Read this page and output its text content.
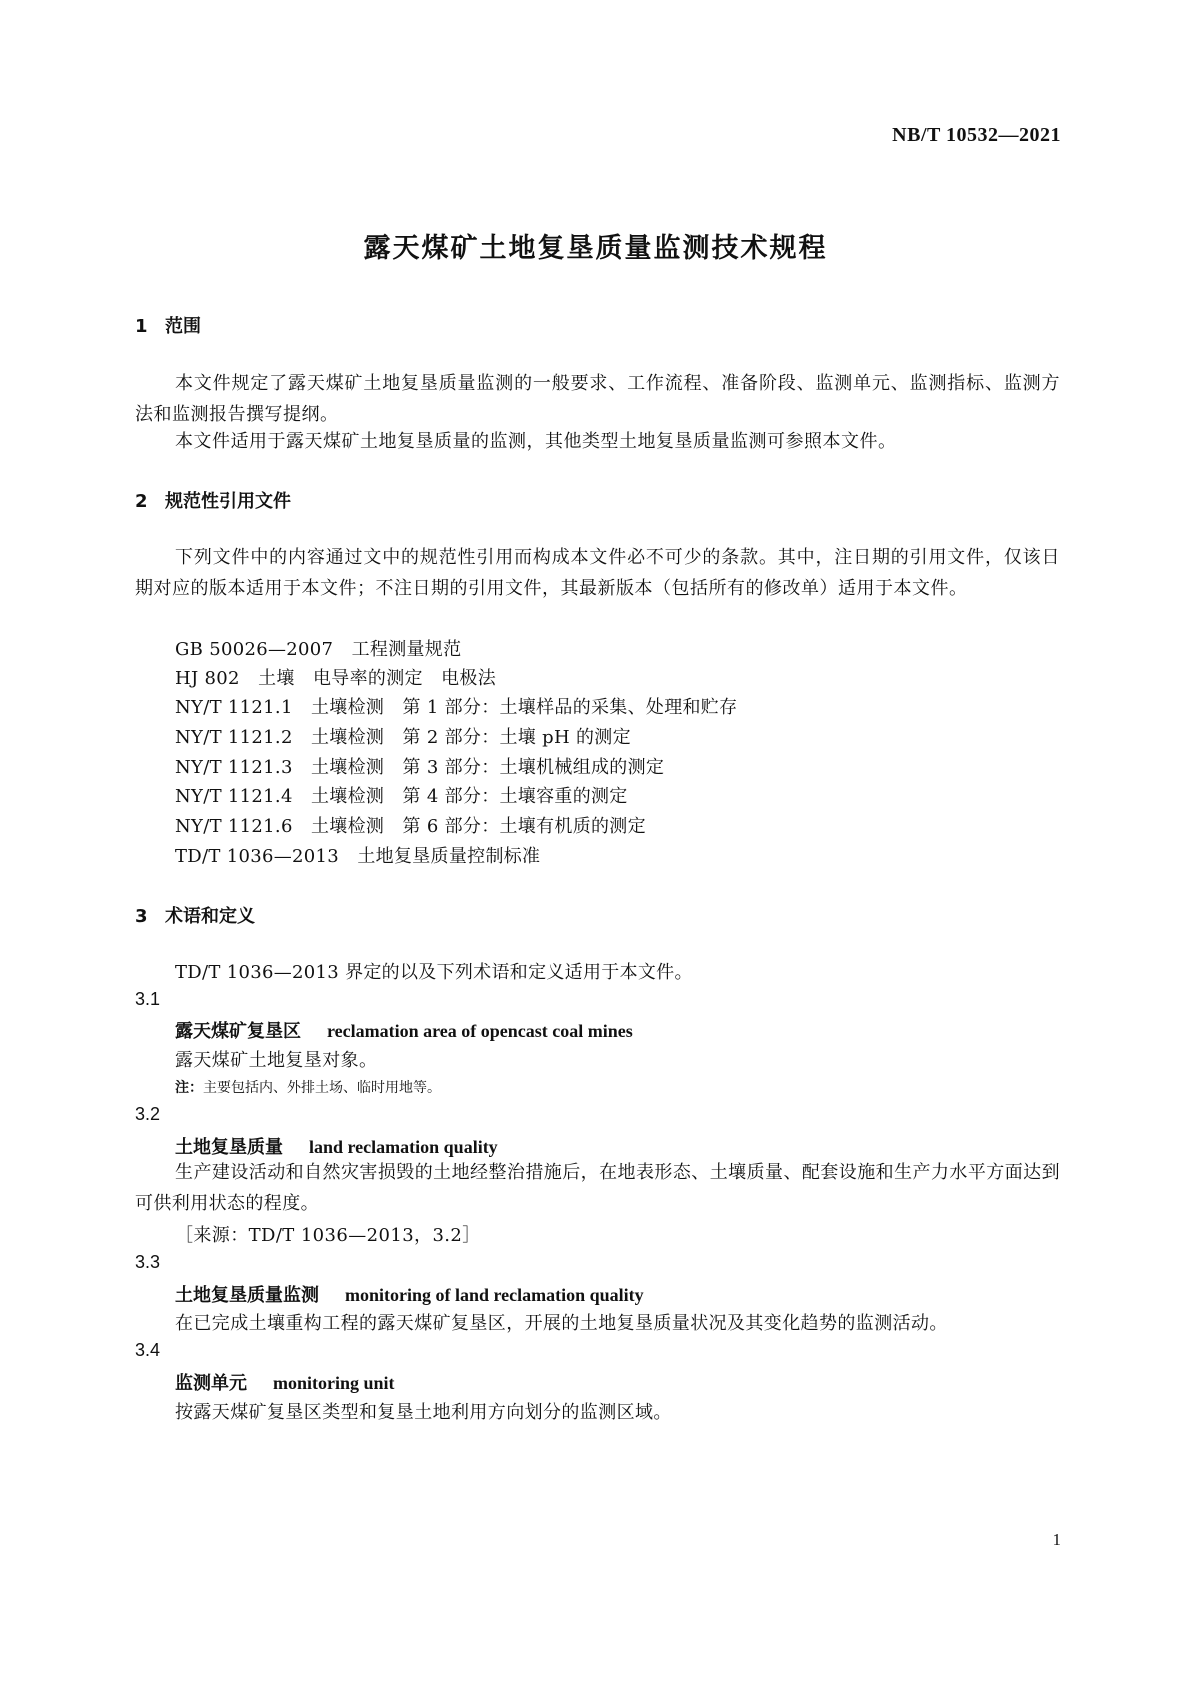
NB/T 10532—2021
露天煤矿土地复垦质量监测技术规程
1 范围
本文件规定了露天煤矿土地复垦质量监测的一般要求、工作流程、准备阶段、监测单元、监测指标、监测方法和监测报告撰写提纲。
本文件适用于露天煤矿土地复垦质量的监测，其他类型土地复垦质量监测可参照本文件。
2 规范性引用文件
下列文件中的内容通过文中的规范性引用而构成本文件必不可少的条款。其中，注日期的引用文件，仅该日期对应的版本适用于本文件；不注日期的引用文件，其最新版本（包括所有的修改单）适用于本文件。
GB 50026—2007　工程测量规范
HJ 802　土壤　电导率的测定　电极法
NY/T 1121.1　土壤检测　第 1 部分：土壤样品的采集、处理和贮存
NY/T 1121.2　土壤检测　第 2 部分：土壤 pH 的测定
NY/T 1121.3　土壤检测　第 3 部分：土壤机械组成的测定
NY/T 1121.4　土壤检测　第 4 部分：土壤容重的测定
NY/T 1121.6　土壤检测　第 6 部分：土壤有机质的测定
TD/T 1036—2013　土地复垦质量控制标准
3 术语和定义
TD/T 1036—2013 界定的以及下列术语和定义适用于本文件。
3.1
露天煤矿复垦区 reclamation area of opencast coal mines
露天煤矿土地复垦对象。
注：主要包括内、外排土场、临时用地等。
3.2
土地复垦质量 land reclamation quality
生产建设活动和自然灾害损毁的土地经整治措施后，在地表形态、土壤质量、配套设施和生产力水平方面达到可供利用状态的程度。
［来源：TD/T 1036—2013，3.2］
3.3
土地复垦质量监测 monitoring of land reclamation quality
在已完成土壤重构工程的露天煤矿复垦区，开展的土地复垦质量状况及其变化趋势的监测活动。
3.4
监测单元 monitoring unit
按露天煤矿复垦区类型和复垦土地利用方向划分的监测区域。
1
